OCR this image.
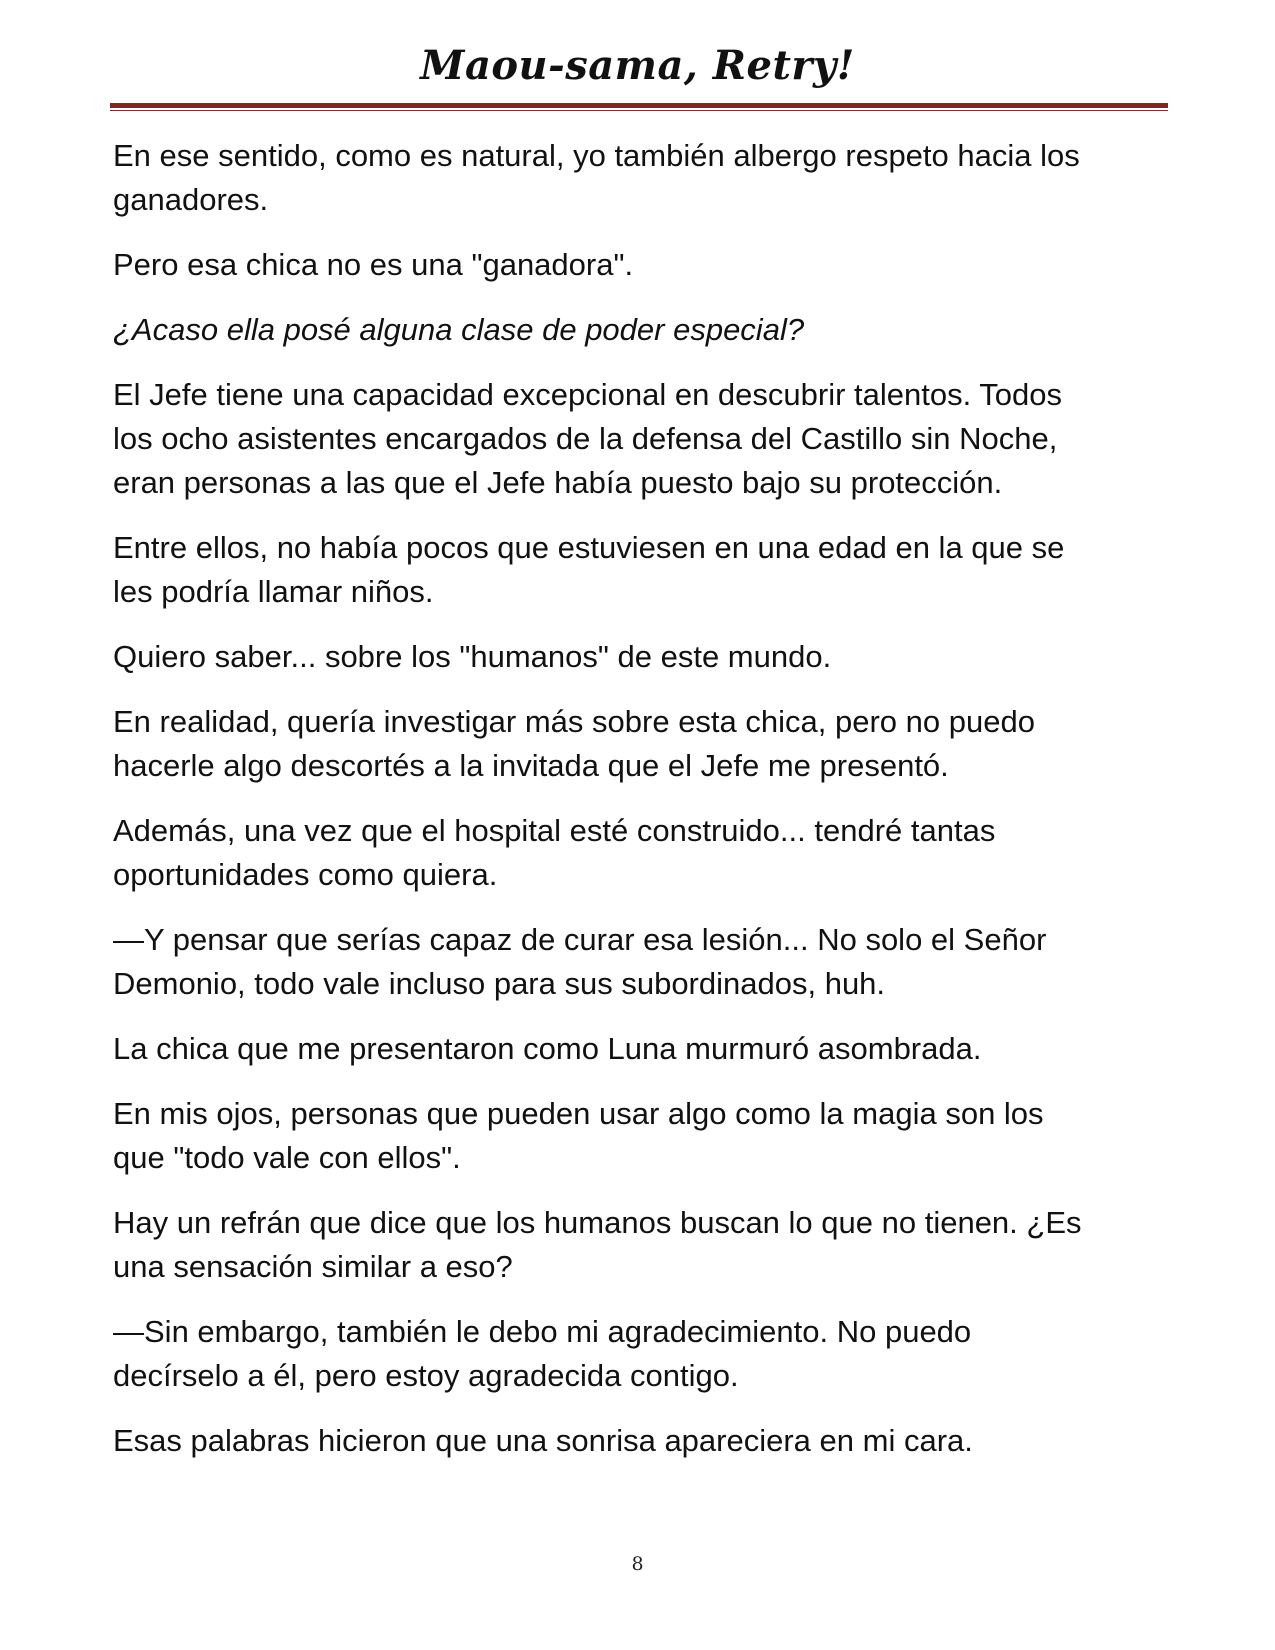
Maou-sama, Retry!

En ese sentido, como es natural, yo también albergo respeto hacia los
ganadores.

Pero esa chica no es una "ganadora".

¿Acaso ella posé alguna clase de poder especial?

El Jefe tiene una capacidad excepcional en descubrir talentos. Todos
los ocho asistentes encargados de la defensa del Castillo sin Noche,
eran personas a las que el Jefe había puesto bajo su protección.

Entre ellos, no había pocos que estuviesen en una edad en la que se
les podría llamar niños.

Quiero saber... sobre los "humanos" de este mundo.

En realidad, quería investigar más sobre esta chica, pero no puedo
hacerle algo descortés a la invitada que el Jefe me presentó.

Además, una vez que el hospital esté construido... tendré tantas
oportunidades como quiera.

—Y pensar que serías capaz de curar esa lesión... No solo el Señor
Demonio, todo vale incluso para sus subordinados, huh.

La chica que me presentaron como Luna murmuró asombrada.

En mis ojos, personas que pueden usar algo como la magia son los
que "todo vale con ellos".

Hay un refrán que dice que los humanos buscan lo que no tienen. ¿Es
una sensación similar a eso?

—Sin embargo, también le debo mi agradecimiento. No puedo
decírselo a él, pero estoy agradecida contigo.

Esas palabras hicieron que una sonrisa apareciera en mi cara.

8
